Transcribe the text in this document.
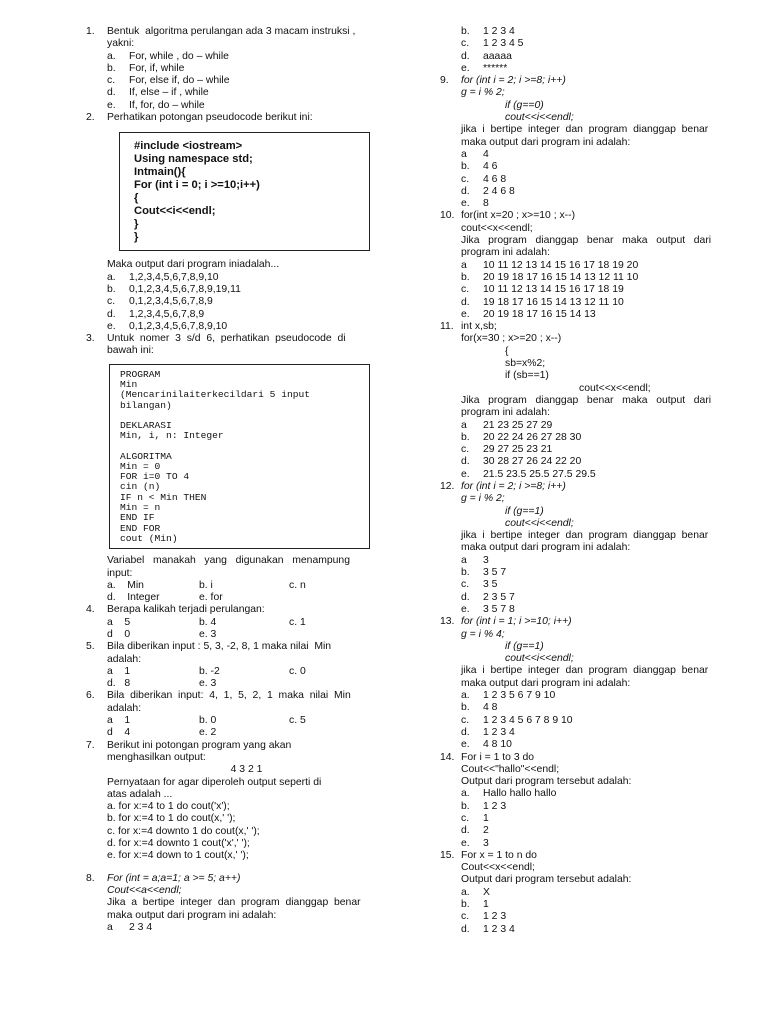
1. Bentuk  algoritma perulangan ada 3 macam instruksi ,
yakni:
a. For, while , do – while
b. For, if, while
c. For, else if, do – while
d. If, else – if , while
e. If, for, do – while
2. Perhatikan potongan pseudocode berikut ini:
#include <iostream>
Using namespace std;
Intmain(){
For (int i = 0; i >=10;i++)
{
Cout<<i<<endl;
}
}
Maka output dari program iniadalah...
a. 1,2,3,4,5,6,7,8,9,10
b. 0,1,2,3,4,5,6,7,8,9,19,11
c. 0,1,2,3,4,5,6,7,8,9
d. 1,2,3,4,5,6,7,8,9
e. 0,1,2,3,4,5,6,7,8,9,10
3. Untuk  nomer  3  s/d  6,  perhatikan  pseudocode  di
bawah ini:
PROGRAM
Min
(Mencarinilaiterkecildari 5 input
bilangan)
DEKLARASI
Min, i, n: Integer
ALGORITMA
Min = 0
FOR i=0 TO 4
cin (n)
IF n < Min THEN
Min = n
END IF
END FOR
cout (Min)
Variabel   manakah   yang   digunakan   menampung
input:
a.    Min	b. i	c. n
d.    Integer	e. for
4. Berapa kalikah terjadi perulangan:
a    5	b. 4	c. 1
d    0	e. 3
5. Bila diberikan input : 5, 3, -2, 8, 1 maka nilai  Min
adalah:
a    1	b. -2	c. 0
d.   8	e. 3
6. Bila  diberikan  input:  4,  1,  5,  2,  1  maka  nilai  Min
adalah:
a    1	b. 0	c. 5
d    4	e. 2
7. Berikut ini potongan program yang akan
menghasilkan output:
4 3 2 1
Pernyataan for agar diperoleh output seperti di
atas adalah ...
a. for x:=4 to 1 do cout('x');
b. for x:=4 to 1 do cout(x,' ');
c. for x:=4 downto 1 do cout(x,' ');
d. for x:=4 downto 1 cout('x',' ');
e. for x:=4 down to 1 cout(x,' ');
8. For (int = a;a=1; a >= 5; a++)
Cout<<a<<endl;
Jika  a  bertipe  integer  dan  program  dianggap  benar
maka output dari program ini adalah:
a 2 3 4
b. 1 2 3 4
c. 1 2 3 4 5
d. aaaaa
e. ******
9. for (int i = 2; i >=8; i++)
g = i % 2;
if (g==0)
cout<<i<<endl;
jika  i  bertipe  integer  dan  program  dianggap  benar
maka output dari program ini adalah:
a 4
b. 4 6
c. 4 6 8
d. 2 4 6 8
e. 8
10. for(int x=20 ; x>=10 ; x--)
cout<<x<<endl;
Jika   program   dianggap   benar   maka   output   dari
program ini adalah:
a 10 11 12 13 14 15 16 17 18 19 20
b. 20 19 18 17 16 15 14 13 12 11 10
c. 10 11 12 13 14 15 16 17 18 19
d. 19 18 17 16 15 14 13 12 11 10
e. 20 19 18 17 16 15 14 13
11. int x,sb;
for(x=30 ; x>=20 ; x--)
{
sb=x%2;
if (sb==1)
cout<<x<<endl;
Jika   program   dianggap   benar   maka   output   dari
program ini adalah:
a 21 23 25 27 29
b. 20 22 24 26 27 28 30
c. 29 27 25 23 21
d. 30 28 27 26 24 22 20
e. 21.5 23.5 25.5 27.5 29.5
12. for (int i = 2; i >=8; i++)
g = i % 2;
if (g==1)
cout<<i<<endl;
jika  i  bertipe  integer  dan  program  dianggap  benar
maka output dari program ini adalah:
a 3
b. 3 5 7
c. 3 5
d. 2 3 5 7
e. 3 5 7 8
13. for (int i = 1; i >=10; i++)
g = i % 4;
if (g==1)
cout<<i<<endl;
jika  i  bertipe  integer  dan  program  dianggap  benar
maka output dari program ini adalah:
a. 1 2 3 5 6 7 9 10
b. 4 8
c. 1 2 3 4 5 6 7 8 9 10
d. 1 2 3 4
e. 4 8 10
14. For i = 1 to 3 do
Cout<<"hallo"<<endl;
Output dari program tersebut adalah:
a. Hallo hallo hallo
b. 1 2 3
c. 1
d. 2
e. 3
15. For x = 1 to n do
Cout<<x<<endl;
Output dari program tersebut adalah:
a. X
b. 1
c. 1 2 3
d. 1 2 3 4
